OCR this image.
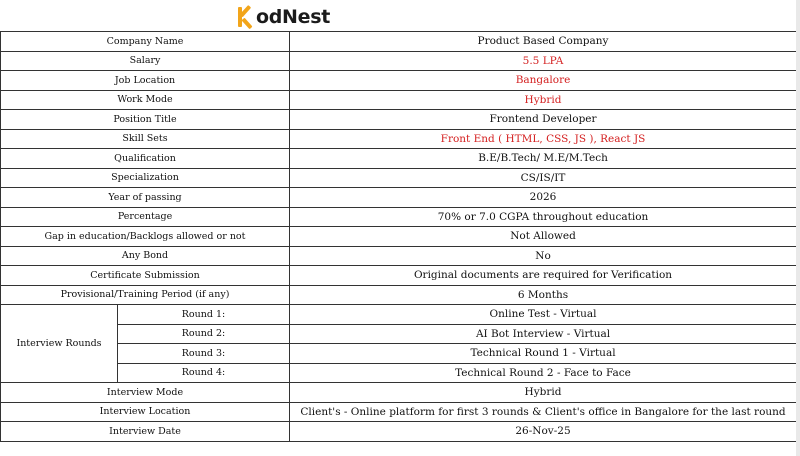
odNest
Company Name		Product Based Company
Salary		5.5 LPA
Job Location		Bangalore
Work Mode		Hybrid
Position Title		Frontend Developer
Skill Sets		Front End ( HTML, CSS, JS ), React JS
Qualification		B.E/B.Tech/ M.E/M.Tech
Specialization		CS/IS/IT
Year of passing		2026
Percentage		70% or 7.0 CGPA throughout education
Gap in education/Backlogs allowed or not		Not Allowed
Any Bond		No
Certificate Submission		Original documents are required for Verification
Provisional/Training Period (if any)		6 Months
Interview Rounds	Round 1:	Online Test - Virtual
	Round 2:	AI Bot Interview - Virtual
	Round 3:	Technical Round 1 - Virtual
	Round 4:	Technical Round 2 - Face to Face
Interview Mode		Hybrid
Interview Location		Client's - Online platform for first 3 rounds & Client's office in Bangalore for the last round
Interview Date		26-Nov-25
